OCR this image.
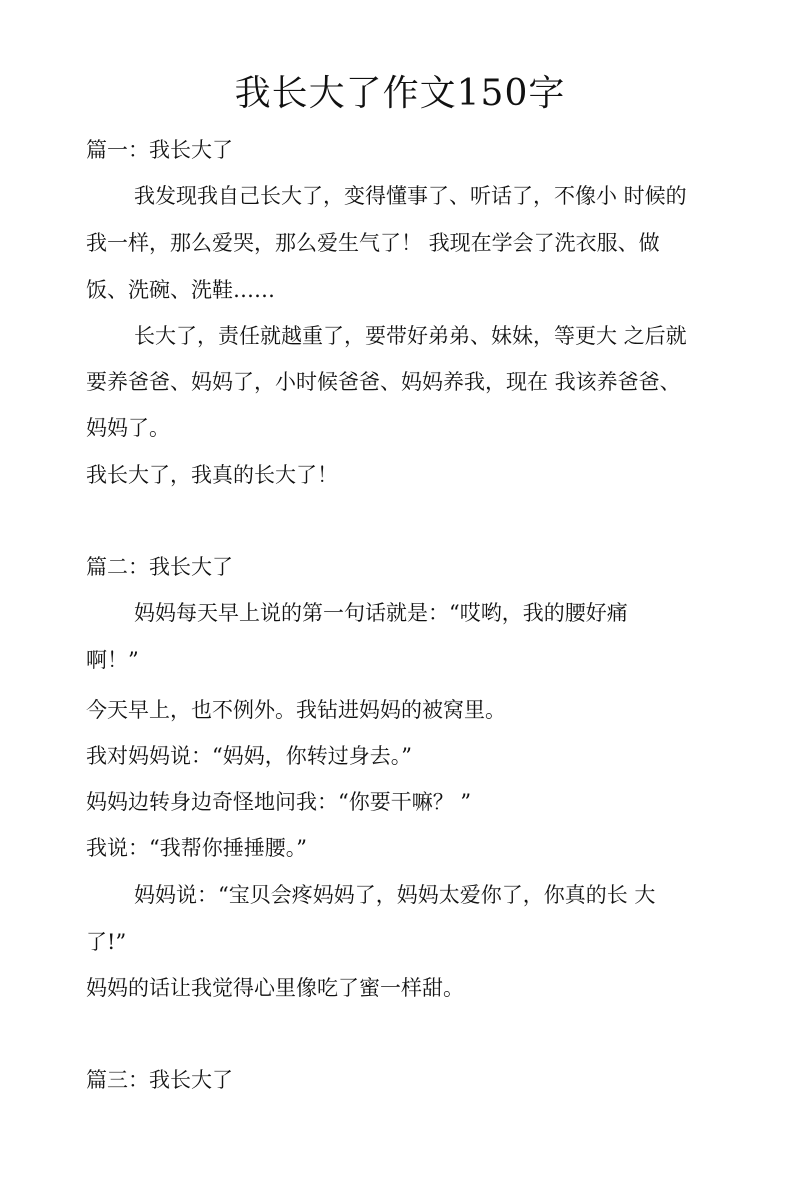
我长大了作文150字
篇一：我长大了
我发现我自己长大了，变得懂事了、听话了，不像小 时候的
我一样，那么爱哭，那么爱生气了！ 我现在学会了洗衣服、做
饭、洗碗、洗鞋……
长大了，责任就越重了，要带好弟弟、妹妹，等更大 之后就
要养爸爸、妈妈了，小时候爸爸、妈妈养我，现在 我该养爸爸、
妈妈了。
我长大了，我真的长大了！
篇二：我长大了
妈妈每天早上说的第一句话就是：“哎哟，我的腰好痛
啊！”
今天早上，也不例外。我钻进妈妈的被窝里。
我对妈妈说：“妈妈，你转过身去。”
妈妈边转身边奇怪地问我：“你要干嘛？ ”
我说：“我帮你捶捶腰。”
妈妈说：“宝贝会疼妈妈了，妈妈太爱你了，你真的长 大
了!”
妈妈的话让我觉得心里像吃了蜜一样甜。
篇三：我长大了
